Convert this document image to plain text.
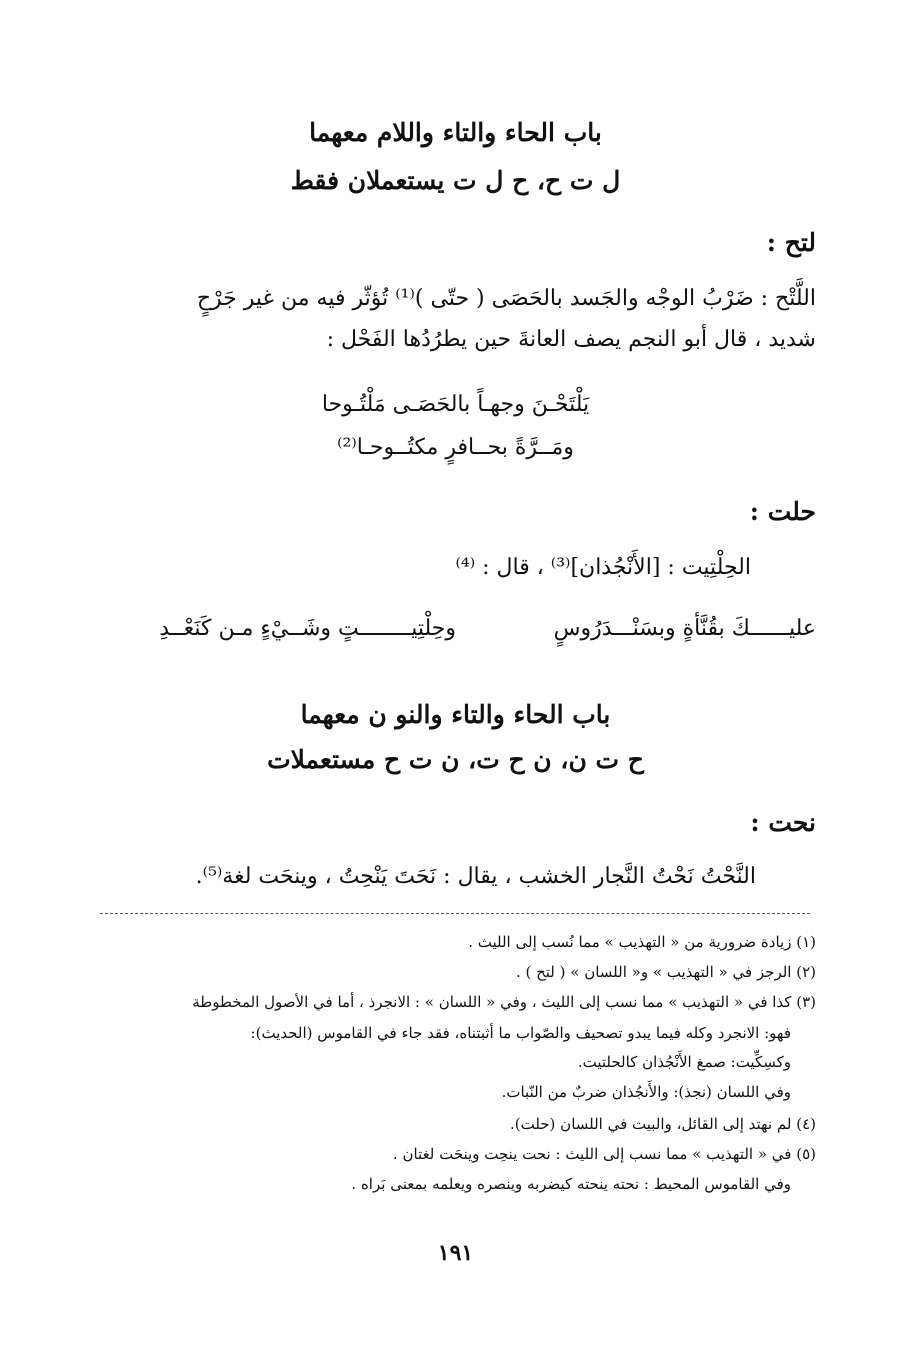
باب الحاء والتاء واللام معهما
ل ت ح، ح ل ت يستعملان فقط
لتح :
اللَّتْح : ضَرْبُ الوجْه والجَسد بالحَصَى ( حتّى )⁽¹⁾ تُؤثّر فيه من غير جَرْحٍ
شديد ، قال أبو النجم يصف العانةَ حين يطرُدُها الفَحْل :
يَلْتَحْـنَ وجهـاً بالحَصَـى مَلْتُـوحا
ومَــرَّةً بحــافرٍ مكتُــوحـا⁽²⁾
حلت :
الحِلْتِيت : [الأَنْجُذان]⁽³⁾ ، قال : ⁽⁴⁾
عليــــــكَ بقُنَّأةٍ وبسَنْـــدَرُوسٍ
وحِلْتِيــــــــتٍ وشَــيْءٍ مـن كَنَعْــدِ
باب الحاء والتاء والنو ن معهما
ح ت ن، ن ح ت، ن ت ح مستعملات
نحت :
النَّحْتُ نَحْتُ النَّجار الخشب ، يقال : نَحَتَ يَنْحِتُ ، وينحَت لغة⁽⁵⁾.
(١) زيادة ضرورية من « التهذيب » مما نُسب إلى الليث .
(٢) الرجز في « التهذيب » و« اللسان » ( لتح ) .
(٣) كذا في « التهذيب » مما نسب إلى الليث ، وفي « اللسان » : الانجرذ ، أما في الأصول المخطوطة
فهو: الانجرد وكله فيما يبدو تصحيف والصّواب ما أثبتناه، فقد جاء في القاموس (الحديث):
وكسِكِّيت: صمغ الأَنْجُذان كالحلتيت.
وفي اللسان (نجذ): والأَنجُذان ضربٌ من النّبات.
(٤) لم نهتد إلى القائل، والبيت في اللسان (حلت).
(٥) في « التهذيب » مما نسب إلى الليث : نحت ينحِت وينحَت لغتان .
وفي القاموس المحيط : نحته ينحته كيضربه وينصره ويعلمه بمعنى بَراه .
١٩١
